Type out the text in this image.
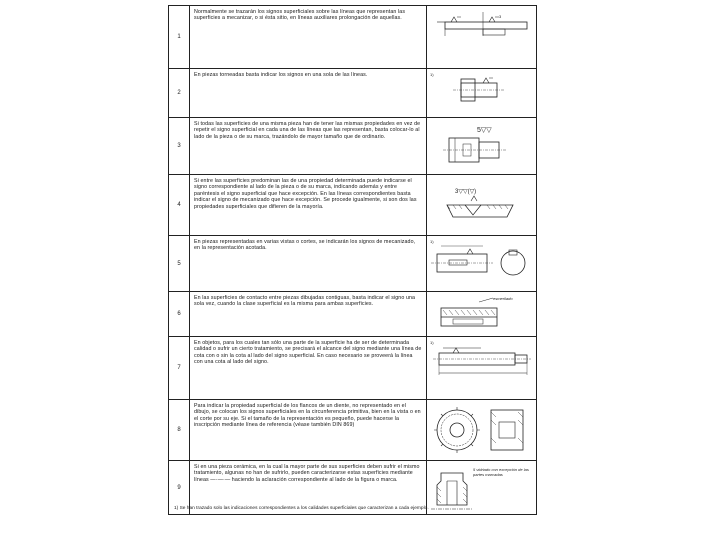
1	Normalmente se trazarán los signos superficiales sobre las líneas que representan las superficies a mecanizar, o si ésta sitio, en líneas auxiliares prolongación de aquellas.	3

2	En piezas torneadas basta indicar los signos en una sola de las líneas.	1)

3	Si todas las superficies de una misma pieza han de tener las mismas propiedades en vez de repetir el signo superficial en cada una de las líneas que las representan, basta colocar-lo al lado de la pieza o de su marca, trazándolo de mayor tamaño que de ordinario.	5▽▽

4	Si entre las superficies predominan las de una propiedad determinada puede indicarse el signo correspondiente al lado de la pieza o de su marca, indicando además y entre paréntesis el signo superficial que hace excepción. En las líneas correspondientes basta indicar el signo de mecanizado que hace excepción. Se procede igualmente, si son dos las propiedades superficiales que difieren de la mayoría.	3▽▽(▽)

5	En piezas representadas en varias vistas o cortes, se indicarán los signos de mecanizado, en la representación acotada.	1)

6	En las superficies de contacto entre piezas dibujadas contiguas, basta indicar el signo una sola vez, cuando la clase superficial es la misma para ambas superficies.	esmerilado

7	En objetos, para los cuales tan sólo una parte de la superficie ha de ser de determinada calidad o sufrir un cierto tratamiento, se precisará el alcance del signo mediante una línea de cota con o sin la cota al lado del signo superficial. En caso necesario se proveerá la línea con una cota al lado del signo.	1)

8	Para indicar la propiedad superficial de los flancos de un diente, no representado en el dibujo, se colocan los signos superficiales en la circunferencia primitiva, bien en la vista o en el corte por su eje. Si el tamaño de la representación es pequeño, puede hacerse la inscripción mediante línea de referencia (véase también DIN 869)	

9	Si en una pieza cerámica, en la cual la mayor parte de sus superficies deben sufrir el mismo tratamiento, algunas no han de sufrirlo, pueden caracterizarse estas superficies mediante líneas —·—·— haciendo la aclaración correspondiente al lado de la figura o marca.	5 vidriado con excepción de las partes marcadas
1) Se han trazado solo las indicaciones correspondientes a los calidades superficiales que caracterizan a cada ejemplo.
